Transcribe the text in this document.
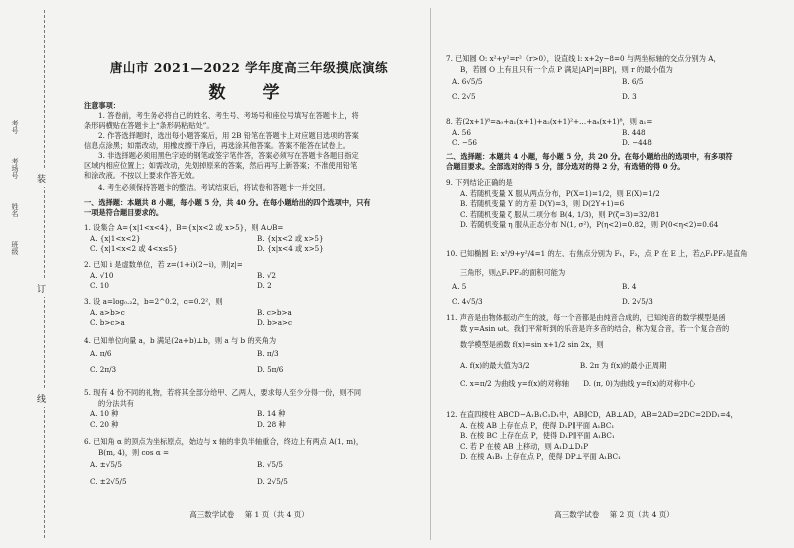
考号
考场号
姓名
班级
装
订
线
唐山市 2021—2022 学年度高三年级摸底演练
数　学
注意事项：
1. 答卷前，考生务必将自己的姓名、考生号、考场号和座位号填写在答题卡上，将
条形码横贴在答题卡上“条形码粘贴处”。
2. 作答选择题时，选出每小题答案后，用 2B 铅笔在答题卡上对应题目选项的答案
信息点涂黑；如需改动，用橡皮擦干净后，再选涂其他答案。答案不能答在试卷上。
3. 非选择题必须用黑色字迹的钢笔或签字笔作答，答案必须写在答题卡各题目指定
区域内相应位置上；如需改动，先划掉原来的答案，然后再写上新答案；不准使用铅笔
和涂改液。不按以上要求作答无效。
4. 考生必须保持答题卡的整洁。考试结束后，将试卷和答题卡一并交回。
一、选择题：本题共 8 小题，每小题 5 分，共 40 分。在每小题给出的四个选项中，只有
一项是符合题目要求的。
1. 设集合 A={x|1<x<4}，B={x|x<2 或 x>5}，则 A∪B=
A. {x|1<x<2}	B. {x|x<2 或 x>5}
C. {x|1<x<2 或 4<x≤5}	D. {x|x<4 或 x>5}
2. 已知 i 是虚数单位，若 z=(1+i)(2−i)，则|z|=
A. √10	B. √2
C. 10	D. 2
3. 设 a=log₀.₂2，b=2^0.2，c=0.2²，则
A. a>b>c	B. c>b>a
C. b>c>a	D. b>a>c
4. 已知单位向量 a，b 满足(2a+b)⊥b，则 a 与 b 的夹角为
A. π/6	B. π/3
C. 2π/3	D. 5π/6
5. 现有 4 份不同的礼物，若将其全部分给甲、乙两人，要求每人至少分得一份，则不同
的分法共有
A. 10 种	B. 14 种
C. 20 种	D. 28 种
6. 已知角 α 的顶点为坐标原点，始边与 x 轴的非负半轴重合，终边上有两点 A(1, m)，
B(m, 4)，则 cos α =
A. ±√5/5	B. √5/5
C. ±2√5/5	D. 2√5/5
高三数学试卷 第 1 页（共 4 页）
7. 已知圆 O: x²+y²=r²（r>0），设直线 l: x+2y−8=0 与两坐标轴的交点分别为 A，
B，若圆 O 上有且只有一个点 P 满足|AP|=|BP|，则 r 的最小值为
A. 6√5/5	B. 6/5
C. 2√5	D. 3
8. 若(2x+1)⁸=a₀+a₁(x+1)+a₂(x+1)²+…+a₈(x+1)⁸，则 a₁=
A. 56	B. 448
C. −56	D. −448
二、选择题：本题共 4 小题，每小题 5 分，共 20 分。在每小题给出的选项中，有多项符
合题目要求。全部选对的得 5 分，部分选对的得 2 分，有选错的得 0 分。
9. 下列结论正确的是
A. 若随机变量 X 服从两点分布，P(X=1)=1/2，则 E(X)=1/2
B. 若随机变量 Y 的方差 D(Y)=3，则 D(2Y+1)=6
C. 若随机变量 ζ 服从二项分布 B(4, 1/3)，则 P(ζ=3)=32/81
D. 若随机变量 η 服从正态分布 N(1, σ²)，P(η<2)=0.82，则 P(0<η<2)=0.64
10. 已知椭圆 E: x²/9+y²/4=1 的左、右焦点分别为 F₁，F₂，点 P 在 E 上，若△F₁PF₂是直角
三角形，则△F₁PF₂的面积可能为
A. 5	B. 4
C. 4√5/3	D. 2√5/3
11. 声音是由物体振动产生的波，每一个音都是由纯音合成的，已知纯音的数学模型是函
数 y=Asin ωt。我们平常听到的乐音是许多音的结合，称为复合音，若一个复合音的
数学模型是函数 f(x)=sin x+1/2 sin 2x，则
A. f(x)的最大值为3/2　　　　　　　B. 2π 为 f(x)的最小正周期
C. x=π/2 为曲线 y=f(x)的对称轴　　D. (π, 0)为曲线 y=f(x)的对称中心
12. 在直四棱柱 ABCD−A₁B₁C₁D₁中，AB∥CD，AB⊥AD，AB=2AD=2DC=2DD₁=4，
A. 在棱 AB 上存在点 P，使得 D₁P∥平面 A₁BC₁
B. 在棱 BC 上存在点 P，使得 D₁P∥平面 A₁BC₁
C. 若 P 在棱 AB 上移动，则 A₁D⊥D₁P
D. 在棱 A₁B₁ 上存在点 P，使得 DP⊥平面 A₁BC₁
高三数学试卷 第 2 页（共 4 页）
